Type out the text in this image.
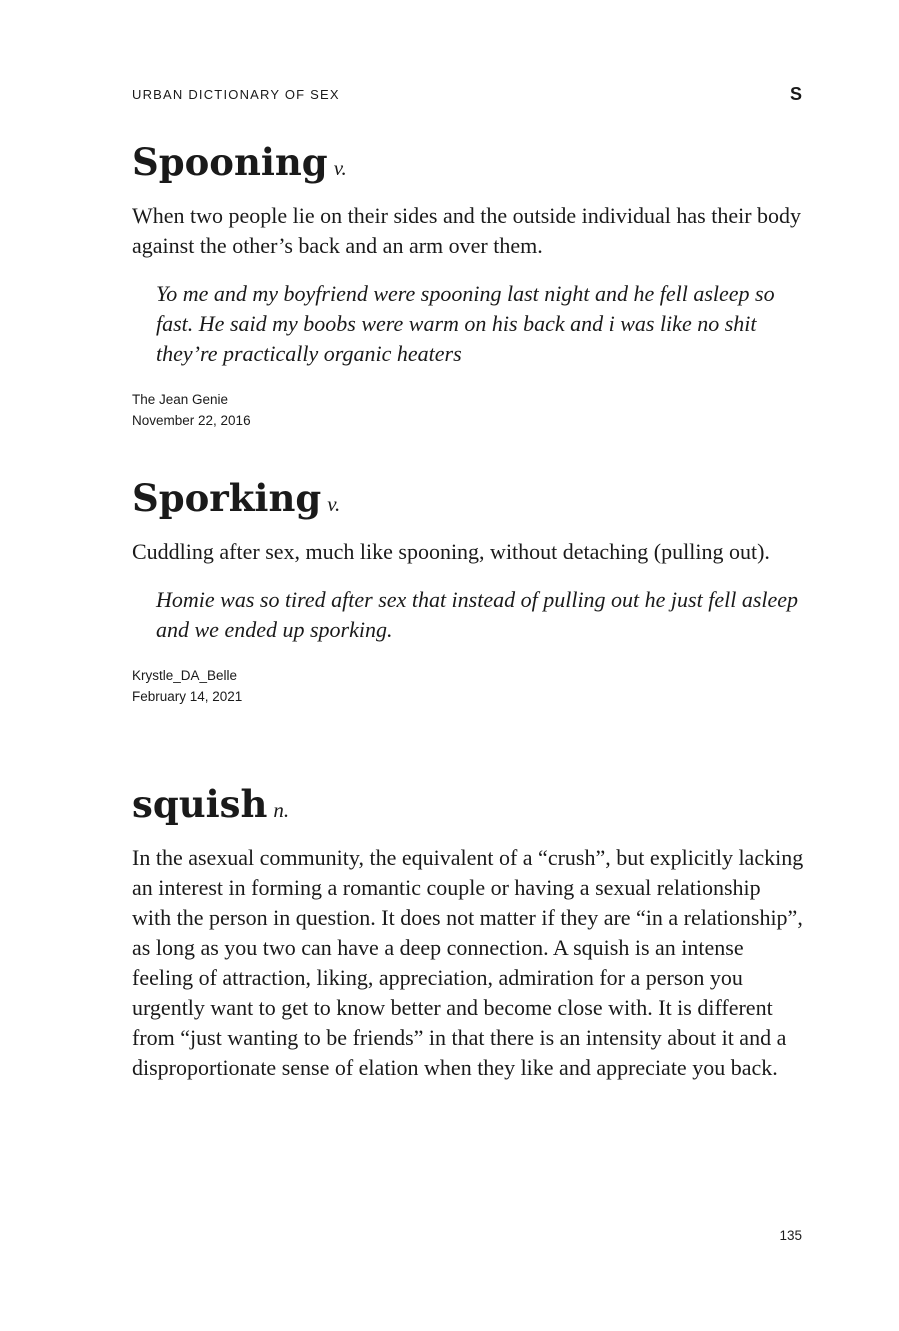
URBAN DICTIONARY OF SEX	S
Spooning v.

When two people lie on their sides and the outside individual has their body against the other’s back and an arm over them.

Yo me and my boyfriend were spooning last night and he fell asleep so fast. He said my boobs were warm on his back and i was like no shit they’re practically organic heaters

The Jean Genie
November 22, 2016
Sporking v.

Cuddling after sex, much like spooning, without detaching (pulling out).

Homie was so tired after sex that instead of pulling out he just fell asleep and we ended up sporking.

Krystle_DA_Belle
February 14, 2021
squish n.

In the asexual community, the equivalent of a “crush”, but explicitly lacking an interest in forming a romantic couple or having a sexual relationship with the person in question. It does not matter if they are “in a relationship”, as long as you two can have a deep connection. A squish is an intense feeling of attraction, liking, appreciation, admiration for a person you urgently want to get to know better and become close with. It is different from “just wanting to be friends” in that there is an intensity about it and a disproportionate sense of elation when they like and appreciate you back.

135
